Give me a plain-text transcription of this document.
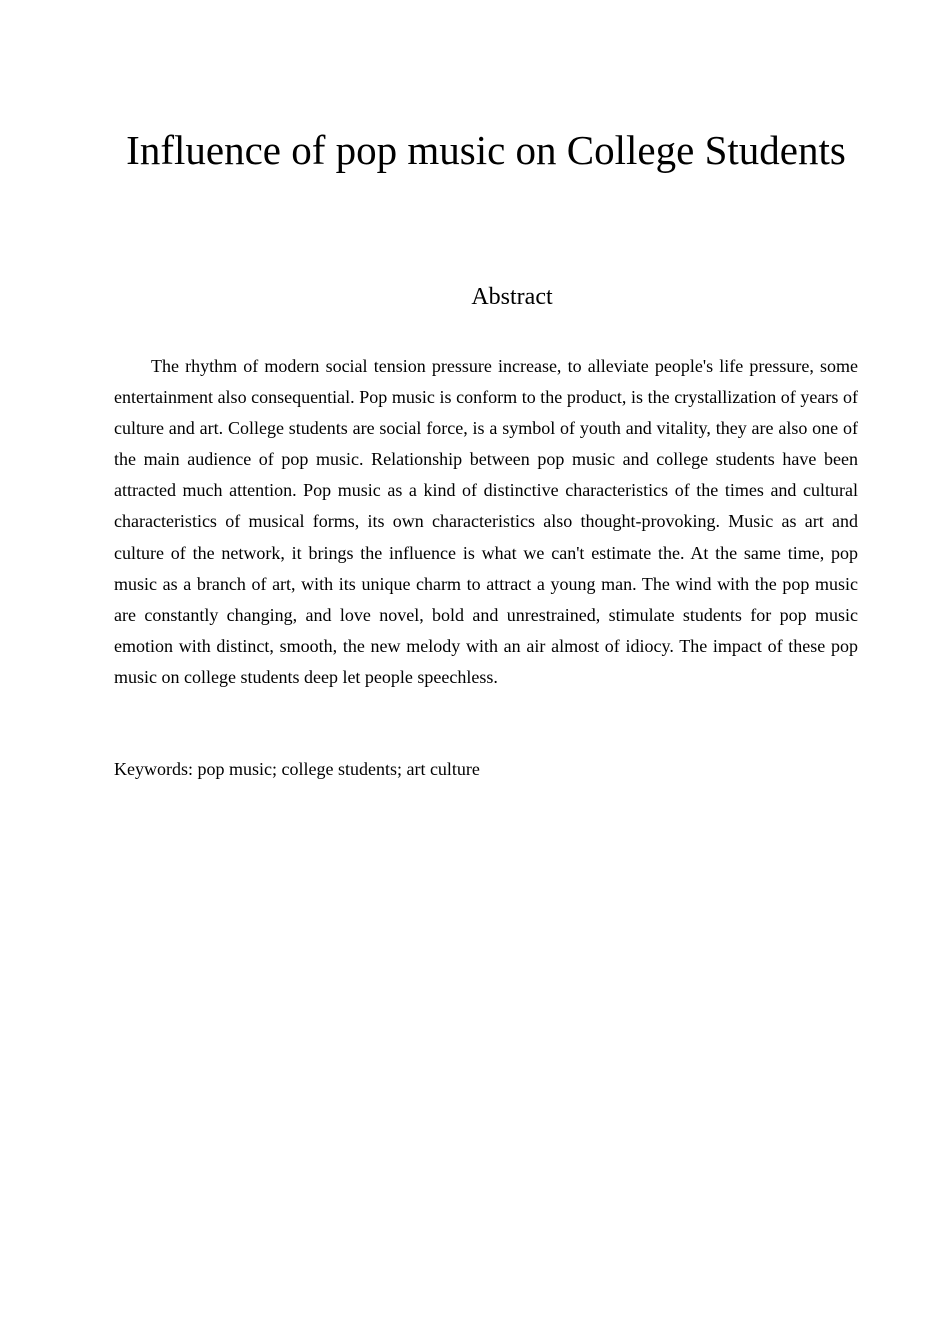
Influence of pop music on College Students
Abstract

The rhythm of modern social tension pressure increase, to alleviate people's life pressure, some entertainment also consequential. Pop music is conform to the product, is the crystallization of years of culture and art. College students are social force, is a symbol of youth and vitality, they are also one of the main audience of pop music. Relationship between pop music and college students have been attracted much attention. Pop music as a kind of distinctive characteristics of the times and cultural characteristics of musical forms, its own characteristics also thought-provoking. Music as art and culture of the network, it brings the influence is what we can't estimate the. At the same time, pop music as a branch of art, with its unique charm to attract a young man. The wind with the pop music are constantly changing, and love novel, bold and unrestrained, stimulate students for pop music emotion with distinct, smooth, the new melody with an air almost of idiocy. The impact of these pop music on college students deep let people speechless.

Keywords: pop music; college students; art culture
